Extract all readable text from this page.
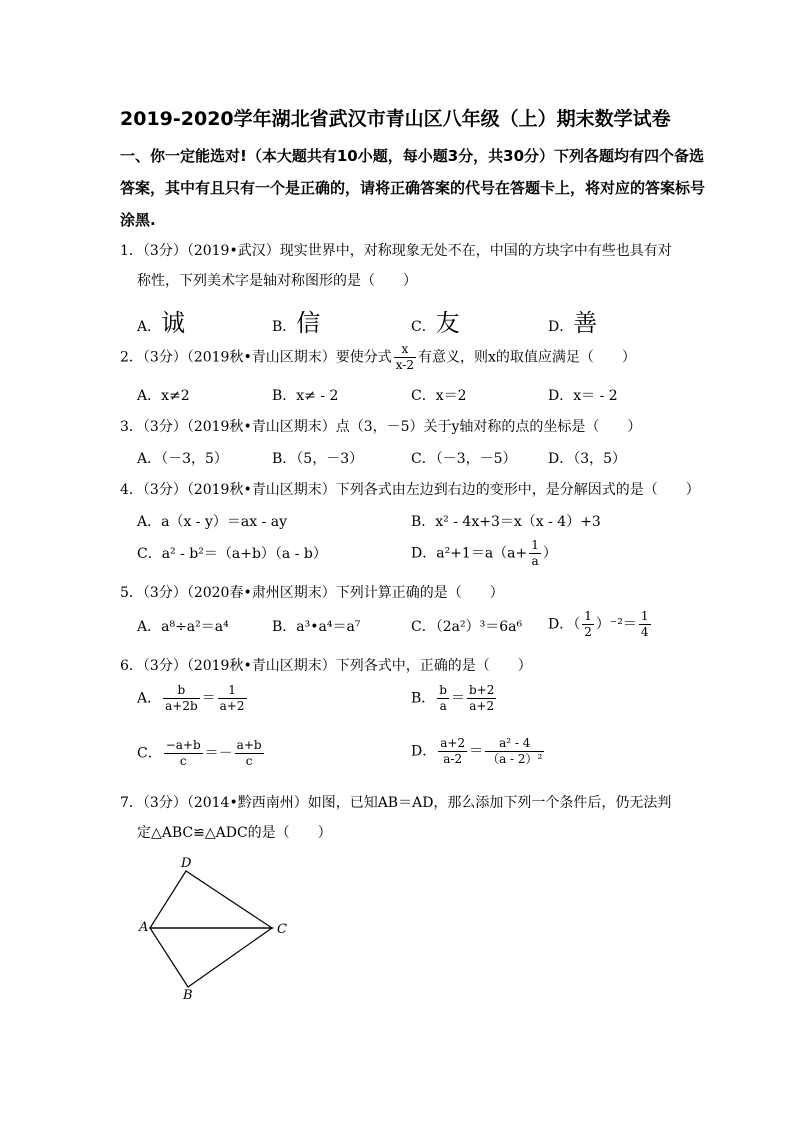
2019-2020学年湖北省武汉市青山区八年级（上）期末数学试卷
一、你一定能选对!（本大题共有10小题，每小题3分，共30分）下列各题均有四个备选
答案，其中有且只有一个是正确的，请将正确答案的代号在答题卡上，将对应的答案标号
涂黑.
1．（3分）（2019•武汉）现实世界中，对称现象无处不在，中国的方块字中有些也具有对
称性，下列美术字是轴对称图形的是（　　）
A．诚	B．信	C．友	D．善
2．（3分）（2019秋•青山区期末）要使分式 $\frac{x}{x-2}$ 有意义，则x的取值应满足（　　）
A．x≠2	B．x≠ - 2	C．x＝2	D．x＝ - 2
3．（3分）（2019秋•青山区期末）点（3，－5）关于y轴对称的点的坐标是（　　）
A．（－3，5）	B．（5，－3）	C．（－3，－5） D．（3，5）
4．（3分）（2019秋•青山区期末）下列各式由左边到右边的变形中，是分解因式的是（　　）
A．a（x - y）＝ax - ay	B．x² - 4x+3＝x（x - 4）+3
C．a² - b²＝（a+b）（a - b）	D．$a^2+1=a(a+ \frac{1}{a}$ ）
5．（3分）（2020春•肃州区期末）下列计算正确的是（　　）
A．a⁸÷a²＝a⁴	B．a³•a⁴＝a⁷	C．（2a²）³＝6a⁶ D．（ $\frac{1}{2} )^{-2}= \frac{1}{4}$
6．（3分）（2019秋•青山区期末）下列各式中，正确的是（　　）
A． $\frac{b}{a+2b} = \frac{1}{a+2}$	B． $\frac{b}{a} = \frac{b+2}{a+2}$
C． $\frac{-a+b}{c} =- \frac{a+b}{c}$	D． $\frac{a+2}{a-2} = \frac{\text{a² - 4}}{\text{（a - 2）²}}$
7．（3分）（2014•黔西南州）如图，已知AB＝AD，那么添加下列一个条件后，仍无法判
定△ABC≌△ADC的是（　　）
D
A	C
B
